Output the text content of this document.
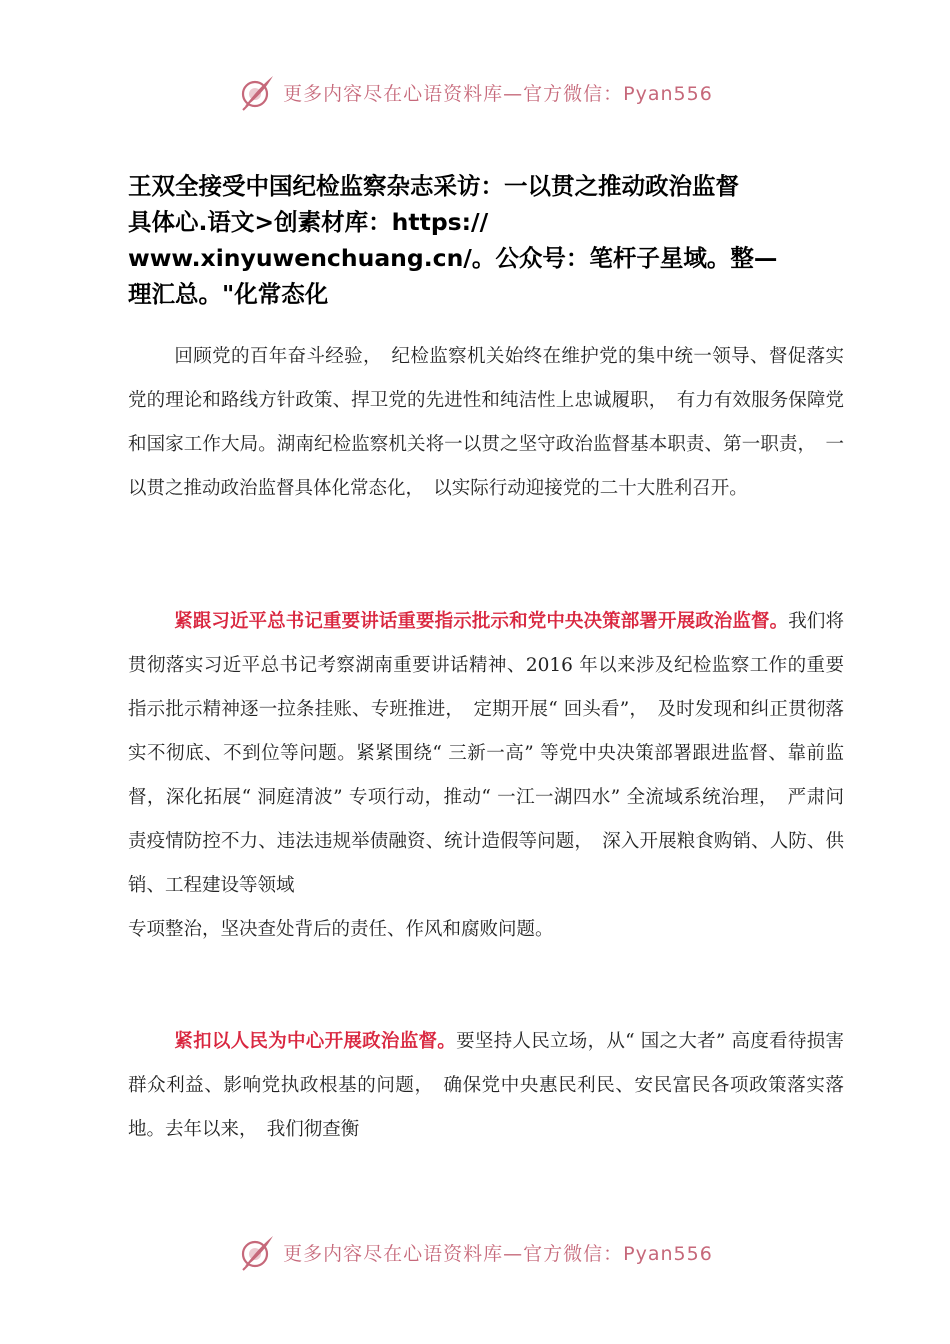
更多内容尽在心语资料库—官方微信：Pyan556
王双全接受中国纪检监察杂志采访：一以贯之推动政治监督
具体心.语文>创素材库：https://
www.xinyuwenchuang.cn/。公众号：笔杆子星域。整—
理汇总。"化常态化

回顾党的百年奋斗经验，　纪检监察机关始终在维护党的集中统一领导、督促落实党的理论和路线方针政策、捍卫党的先进性和纯洁性上忠诚履职，　有力有效服务保障党和国家工作大局。湖南纪检监察机关将一以贯之坚守政治监督基本职责、第一职责，　一以贯之推动政治监督具体化常态化，　以实际行动迎接党的二十大胜利召开。

紧跟习近平总书记重要讲话重要指示批示和党中央决策部署开展政治监督。我们将贯彻落实习近平总书记考察湖南重要讲话精神、2016 年以来涉及纪检监察工作的重要指示批示精神逐一拉条挂账、专班推进，　定期开展“ 回头看”，　及时发现和纠正贯彻落实不彻底、不到位等问题。紧紧围绕“ 三新一高” 等党中央决策部署跟进监督、靠前监督，深化拓展“ 洞庭清波” 专项行动，推动“ 一江一湖四水” 全流域系统治理，　严肃问责疫情防控不力、违法违规举债融资、统计造假等问题，　深入开展粮食购销、人防、供销、工程建设等领域
专项整治，坚决查处背后的责任、作风和腐败问题。

紧扣以人民为中心开展政治监督。要坚持人民立场，从“ 国之大者” 高度看待损害群众利益、影响党执政根基的问题，　确保党中央惠民利民、安民富民各项政策落实落地。去年以来，　我们彻查衡

更多内容尽在心语资料库—官方微信：Pyan556
